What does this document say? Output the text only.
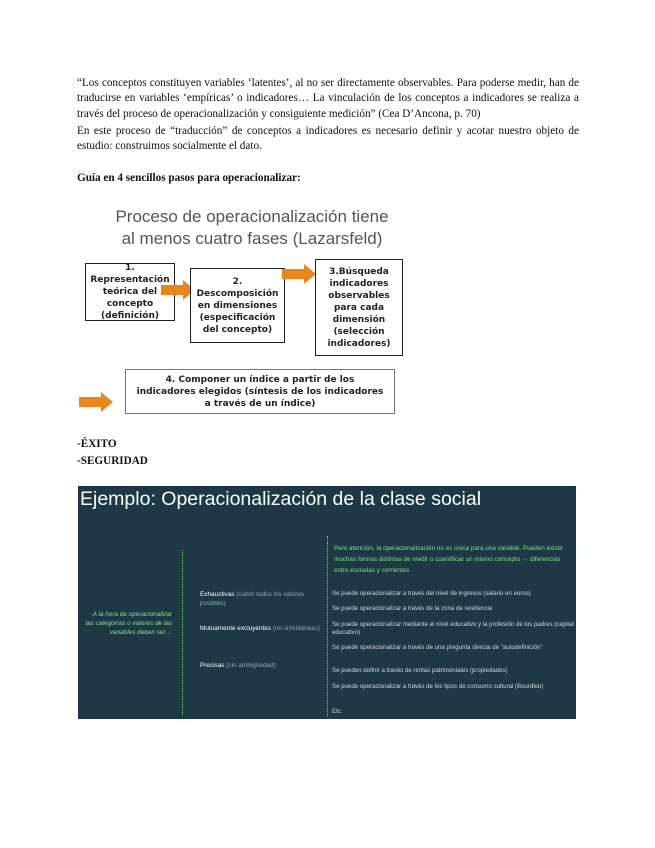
“Los conceptos constituyen variables ‘latentes’, al no ser directamente observables. Para poderse medir, han de traducirse en variables ‘empíricas’ o indicadores… La vinculación de los conceptos a indicadores se realiza a través del proceso de operacionalización y consiguiente medición” (Cea D’Ancona, p. 70)

En este proceso de “traducción” de conceptos a indicadores es necesario definir y acotar nuestro objeto de estudio: construimos socialmente el dato.

Guía en 4 sencillos pasos para operacionalizar:

Proceso de operacionalización tiene al menos cuatro fases (Lazarsfeld)
1. Representación teórica del concepto (definición)
2. Descomposición en dimensiones (especificación del concepto)
3.Búsqueda indicadores observables para cada dimensión (selección indicadores)
4. Componer un índice a partir de los indicadores elegidos (síntesis de los indicadores a través de un índice)

-ÉXITO

-SEGURIDAD

Ejemplo: Operacionalización de la clase social
A la hora de operacionalizar las categorías o valores de las variables deben ser…
Exhaustivas (cubrir todos los valores posibles)
Mutuamente excluyentes (no simultáneas)
Precisas (sin ambigüedad)
Pero atención, la operacionalización no es única para una variable. Pueden existir muchas formas distintas de medir o cuantificar un mismo concepto → diferencias entre escuelas y corrientes
Se puede operacionalizar a través del nivel de ingresos (salario en euros)
Se puede operacionalizar a través de la zona de residencia
Se puede operacionalizar mediante el nivel educativo y la profesión de los padres (capital educativo)
Se puede operacionalizar a través de una pregunta directa de "autodefinición"
Se pueden definir a través de rentas patrimoniales (propiedades)
Se puede operacionalizar a través de los tipos de consumo cultural (Bourdieu)
Etc.
